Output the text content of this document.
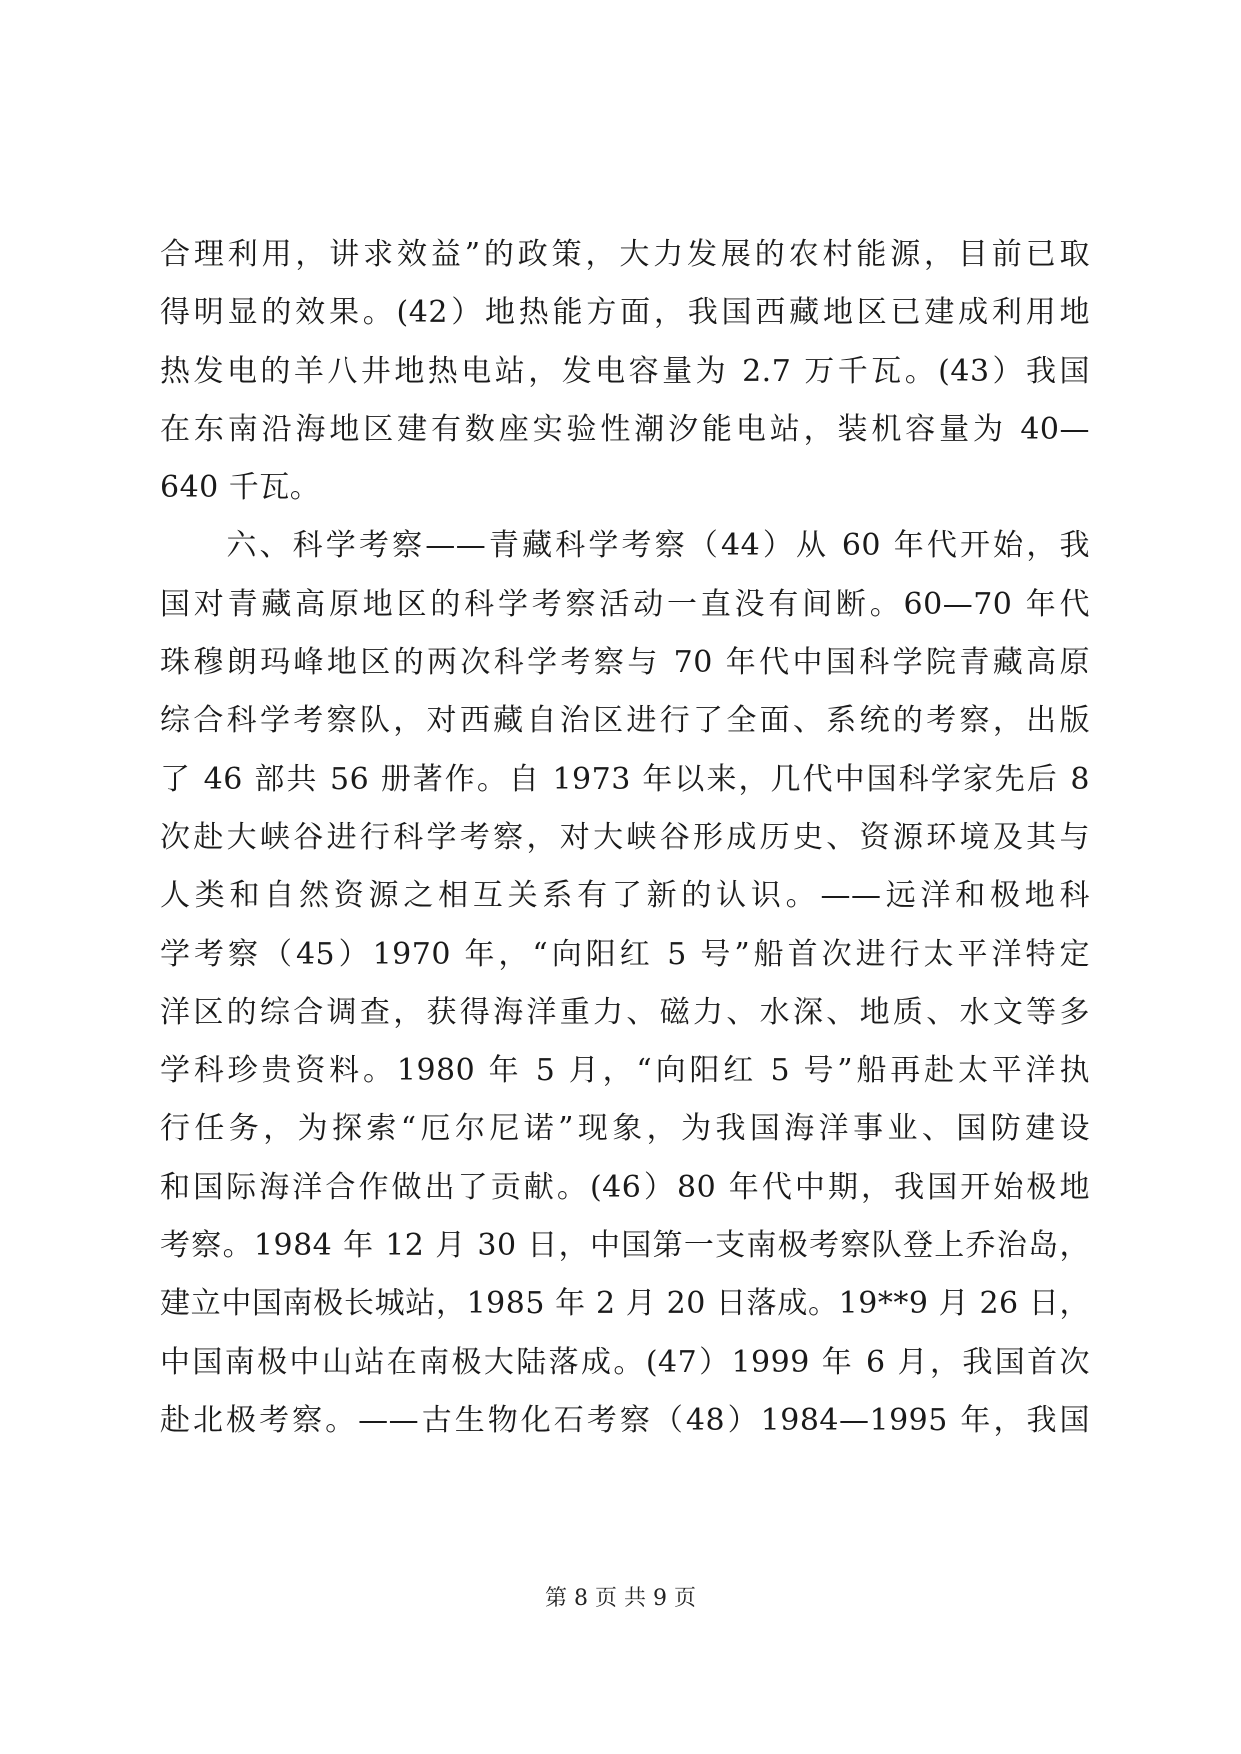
合理利用，讲求效益”的政策，大力发展的农村能源，目前已取
得明显的效果。(42）地热能方面，我国西藏地区已建成利用地
热发电的羊八井地热电站，发电容量为 2.7 万千瓦。(43）我国
在东南沿海地区建有数座实验性潮汐能电站，装机容量为 40—
640 千瓦。
　　六、科学考察——青藏科学考察（44）从 60 年代开始，我
国对青藏高原地区的科学考察活动一直没有间断。60—70 年代
珠穆朗玛峰地区的两次科学考察与 70 年代中国科学院青藏高原
综合科学考察队，对西藏自治区进行了全面、系统的考察，出版
了 46 部共 56 册著作。自 1973 年以来，几代中国科学家先后 8
次赴大峡谷进行科学考察，对大峡谷形成历史、资源环境及其与
人类和自然资源之相互关系有了新的认识。——远洋和极地科
学考察（45）1970 年，“向阳红 5 号”船首次进行太平洋特定
洋区的综合调查，获得海洋重力、磁力、水深、地质、水文等多
学科珍贵资料。1980 年 5 月，“向阳红 5 号”船再赴太平洋执
行任务，为探索“厄尔尼诺”现象，为我国海洋事业、国防建设
和国际海洋合作做出了贡献。(46）80 年代中期，我国开始极地
考察。1984 年 12 月 30 日，中国第一支南极考察队登上乔治岛，
建立中国南极长城站，1985 年 2 月 20 日落成。19**9 月 26 日，
中国南极中山站在南极大陆落成。(47）1999 年 6 月，我国首次
赴北极考察。——古生物化石考察（48）1984—1995 年，我国
第 8 页 共 9 页
